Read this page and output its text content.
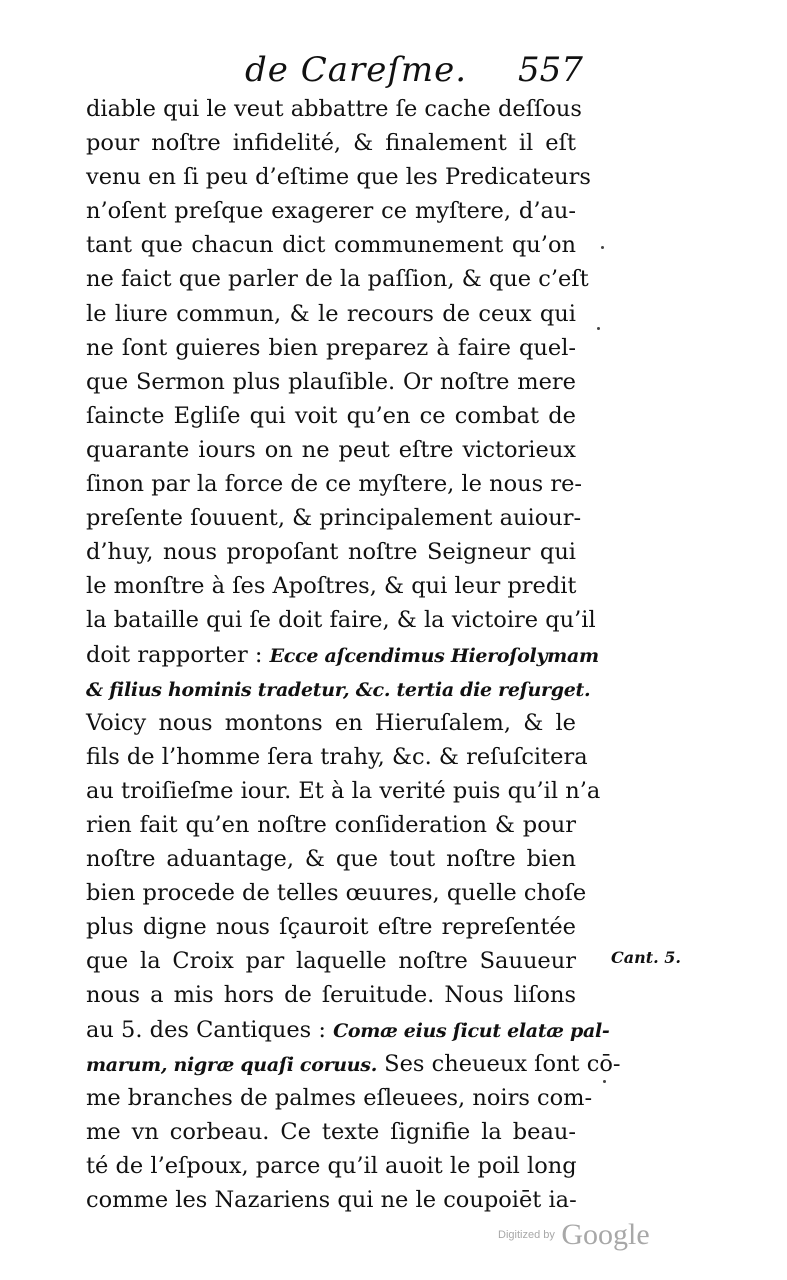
de Careſme. 557
diable qui le veut abbattre ſe cache deſſous
pour noſtre infidelité, & finalement il eſt
venu en ſi peu d’eſtime que les Predicateurs
n’oſent preſque exagerer ce myſtere, d’au-
tant que chacun dict communement qu’on
ne faict que parler de la paſſion, & que c’eſt
le liure commun, & le recours de ceux qui
ne ſont guieres bien preparez à faire quel-
que Sermon plus plauſible. Or noſtre mere
ſaincte Egliſe qui voit qu’en ce combat de
quarante iours on ne peut eſtre victorieux
ſinon par la force de ce myſtere, le nous re-
preſente ſouuent, & principalement auiour-
d’huy, nous propoſant noſtre Seigneur qui
le monſtre à ſes Apoſtres, & qui leur predit
la bataille qui ſe doit faire, & la victoire qu’il
doit rapporter : Ecce aſcendimus Hieroſolymam
& filius hominis tradetur, &c. tertia die reſurget.
Voicy nous montons en Hieruſalem, & le
fils de l’homme ſera trahy, &c. & reſuſcitera
au troiſieſme iour. Et à la verité puis qu’il n’a
rien fait qu’en noſtre conſideration & pour
noſtre aduantage, & que tout noſtre bien
bien procede de telles œuures, quelle choſe
plus digne nous ſçauroit eſtre repreſentée
que la Croix par laquelle noſtre Sauueur
nous a mis hors de ſeruitude. Nous liſons
au 5. des Cantiques : Comæ eius ſicut elatæ pal-
marum, nigræ quaſi coruus. Ses cheueux ſont cō-
me branches de palmes eſleuees, noirs com-
me vn corbeau. Ce texte ſignifie la beau-
té de l’eſpoux, parce qu’il auoit le poil long
comme les Nazariens qui ne le coupoiēt ia-
Cant. 5.
Digitized by Google
